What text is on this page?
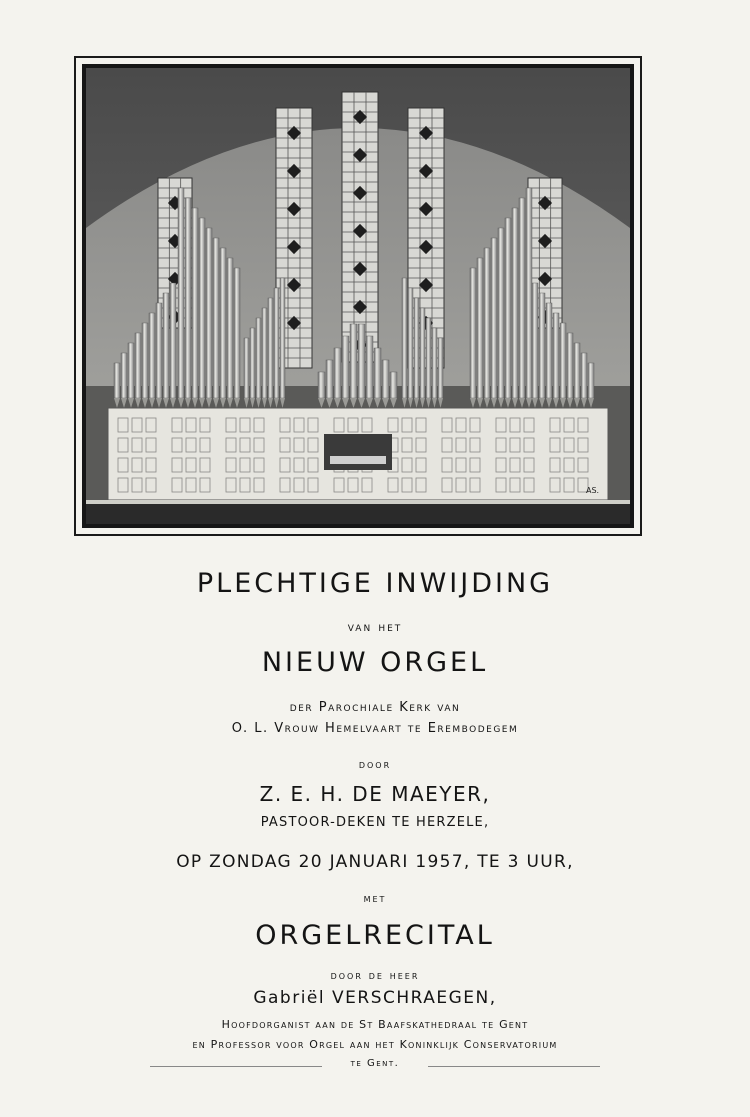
AS.
PLECHTIGE INWIJDING
van het
NIEUW ORGEL
der Parochiale Kerk van
O. L. Vrouw Hemelvaart te Erembodegem
door
Z. E. H. DE MAEYER,
PASTOOR-DEKEN TE HERZELE,
OP ZONDAG 20 JANUARI 1957, TE 3 UUR,
met
ORGELRECITAL
door de heer
Gabriël VERSCHRAEGEN,
Hoofdorganist aan de St Baafskathedraal te Gent
en Professor voor Orgel aan het Koninklijk Conservatorium
te Gent.
